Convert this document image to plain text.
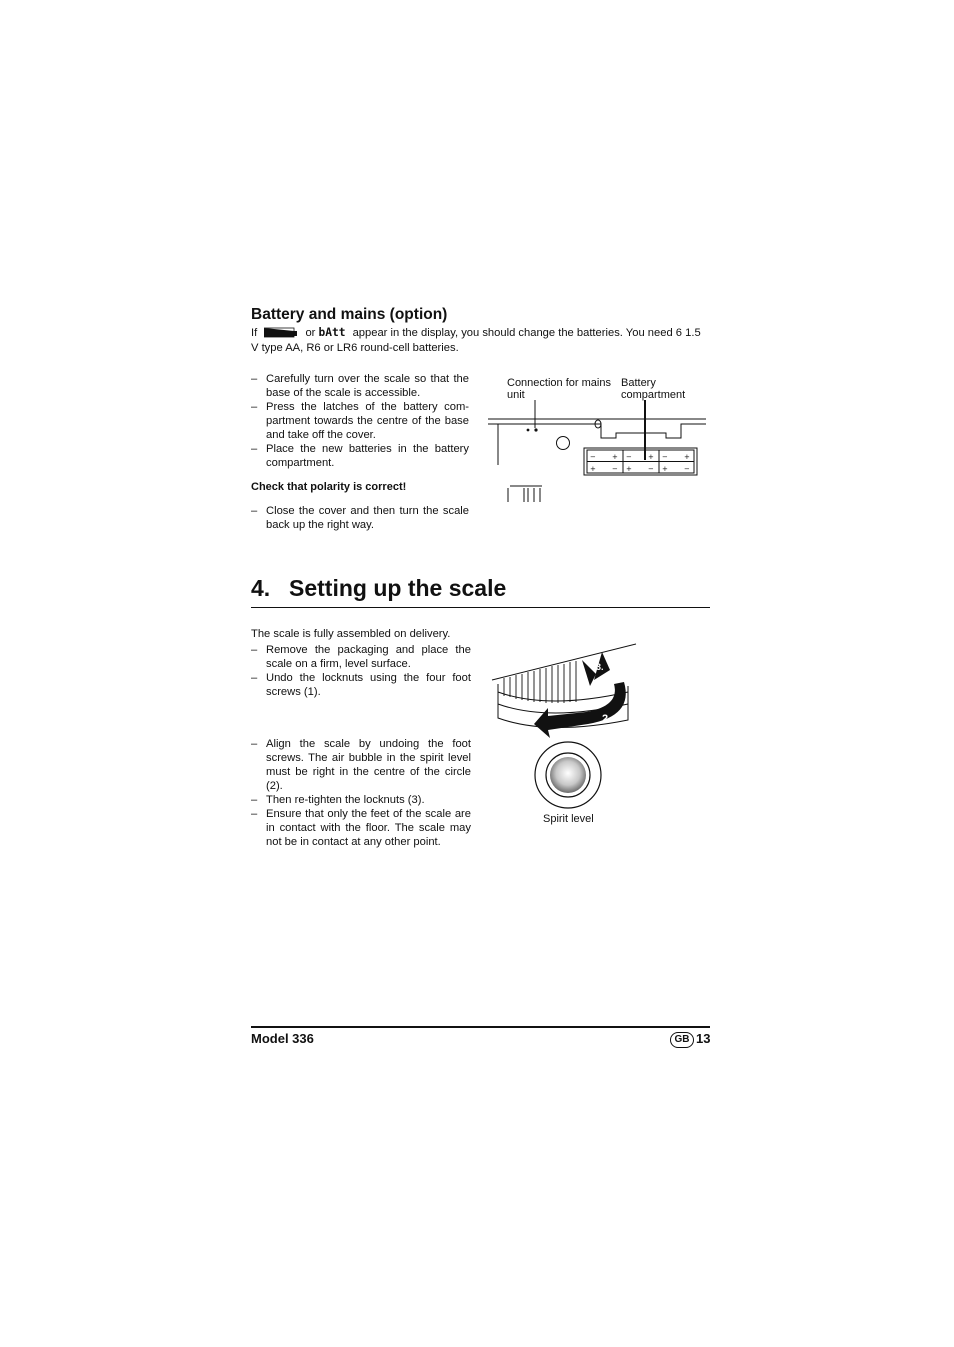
Battery and mains (option)

If	or bAtt appear in the display, you should change the batteries. You need 6 1.5 V type AA, R6 or LR6 round-cell batteries.

– Carefully turn over the scale so that the base of the scale is accessible.
– Press the latches of the battery com-partment towards the centre of the base and take off the cover.
– Place the new batteries in the battery compartment.

Check that polarity is correct!

– Close the cover and then turn the scale back up the right way.

Connection for mains unit

Battery compartment

− + − + − +
+ − + − + −
4. Setting up the scale

The scale is fully assembled on delivery.

– Remove the packaging and place the scale on a firm, level surface.
– Undo the locknuts using the four foot screws (1).
– Align the scale by undoing the foot screws. The air bubble in the spirit level must be right in the centre of the circle (2).
– Then re-tighten the locknuts (3).
– Ensure that only the feet of the scale are in contact with the floor. The scale may not be in contact at any other point.
1.
3.
2.

Spirit level

Model 336	GB 13
